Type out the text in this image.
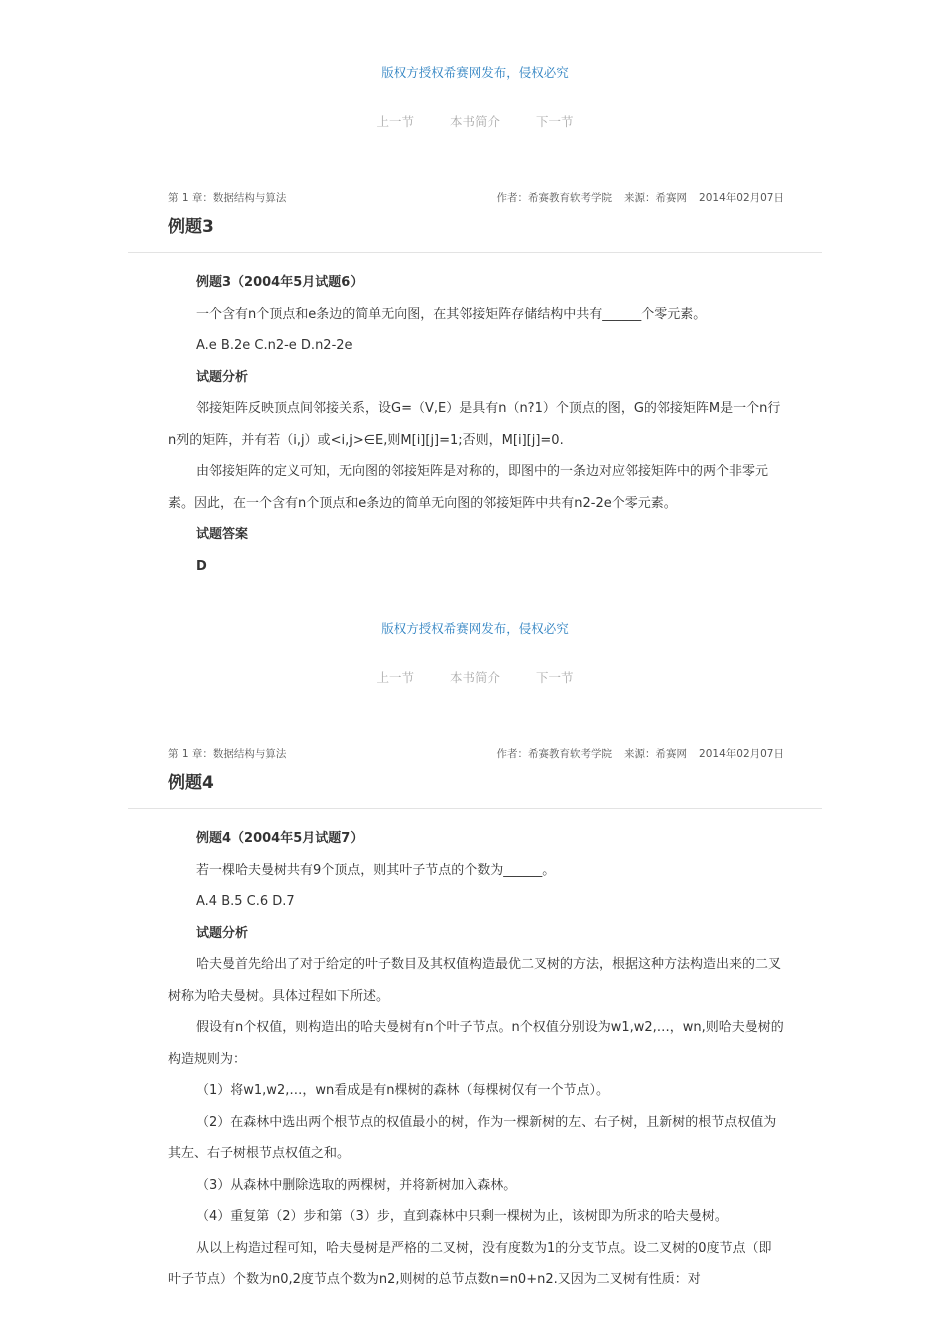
版权方授权希赛网发布，侵权必究
上一节	本书简介	下一节
第 1 章：数据结构与算法	作者：希赛教育软考学院 来源：希赛网 2014年02月07日
例题3

例题3（2004年5月试题6）

一个含有n个顶点和e条边的简单无向图，在其邻接矩阵存储结构中共有______个零元素。

A.e B.2e C.n2-e D.n2-2e

试题分析

邻接矩阵反映顶点间邻接关系，设G=（V,E）是具有n（n?1）个顶点的图，G的邻接矩阵M是一个n行n列的矩阵，并有若（i,j）或<i,j>∈E,则M[i][j]=1;否则，M[i][j]=0.

由邻接矩阵的定义可知，无向图的邻接矩阵是对称的，即图中的一条边对应邻接矩阵中的两个非零元素。因此，在一个含有n个顶点和e条边的简单无向图的邻接矩阵中共有n2-2e个零元素。

试题答案

D

版权方授权希赛网发布，侵权必究
上一节	本书简介	下一节
第 1 章：数据结构与算法	作者：希赛教育软考学院 来源：希赛网 2014年02月07日
例题4

例题4（2004年5月试题7）

若一棵哈夫曼树共有9个顶点，则其叶子节点的个数为______。

A.4 B.5 C.6 D.7

试题分析

哈夫曼首先给出了对于给定的叶子数目及其权值构造最优二叉树的方法，根据这种方法构造出来的二叉树称为哈夫曼树。具体过程如下所述。

假设有n个权值，则构造出的哈夫曼树有n个叶子节点。n个权值分别设为w1,w2,…，wn,则哈夫曼树的构造规则为：

（1）将w1,w2,…，wn看成是有n棵树的森林（每棵树仅有一个节点）。

（2）在森林中选出两个根节点的权值最小的树，作为一棵新树的左、右子树，且新树的根节点权值为其左、右子树根节点权值之和。

（3）从森林中删除选取的两棵树，并将新树加入森林。

（4）重复第（2）步和第（3）步，直到森林中只剩一棵树为止，该树即为所求的哈夫曼树。

从以上构造过程可知，哈夫曼树是严格的二叉树，没有度数为1的分支节点。设二叉树的0度节点（即叶子节点）个数为n0,2度节点个数为n2,则树的总节点数n=n0+n2.又因为二叉树有性质：对
